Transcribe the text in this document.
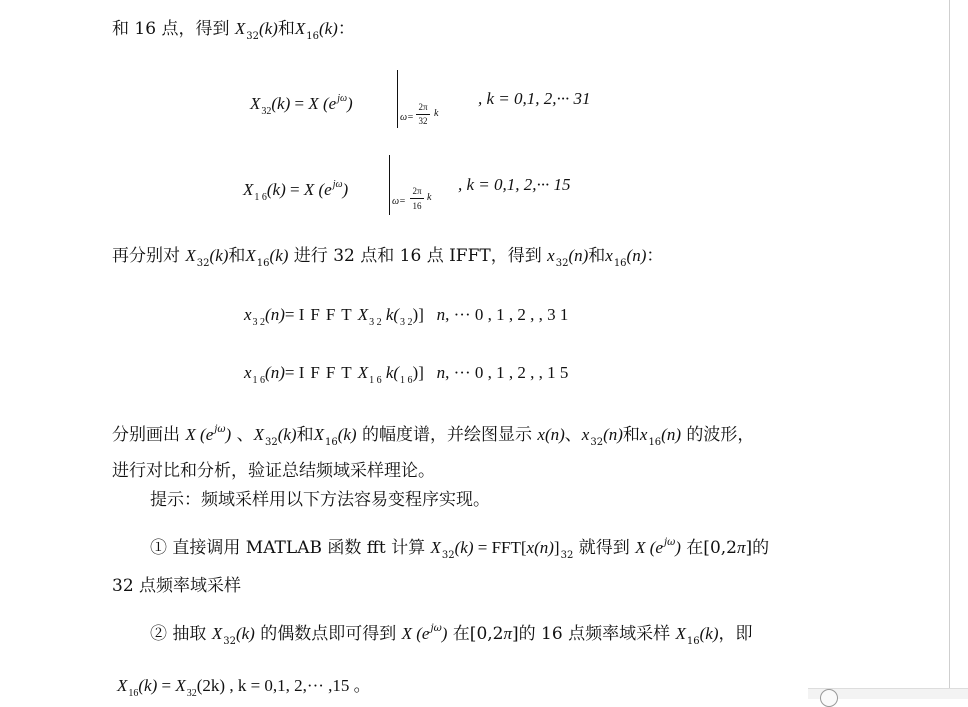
和 16 点，得到 $X_{32}(k)$和$X_{16}(k)$：
$X_{32}(k) = X$ $(e^{j\omega})$
ω=
2π
32
k
, k = 0,1, 2,··· 31
$X_{1 6}(k) = X$ $(e^{j\omega})$
ω=
2π
16
k
, k = 0,1, 2,··· 15
再分别对 $X_{32}(k)$和$X_{16}(k)$ 进行 32 点和 16 点 IFFT，得到 $x_{32}(n)$和$x_{16}(n)$：
$x_{3 2}(n)=$ $IFFTX_{3 2}$ $k(_{3 2})$] n, ··· 0 , 1 , 2 , , 3 1
$x_{1 6}(n)=$ $IFFTX_{1 6}$ $k(_{1 6})$] n, ··· 0 , 1 , 2 , , 1 5
分别画出 X $(e^{j\omega})$ 、$X_{32}(k)$和$X_{16}(k)$ 的幅度谱，并绘图显示 x(n)、$x_{32}(n)$和$x_{16}(n)$ 的波形，
进行对比和分析，验证总结频域采样理论。
提示：频域采样用以下方法容易变程序实现。
① 直接调用 MATLAB 函数 fft 计算 $X_{32}(k) = FFT[x(n)]_{32}$ 就得到 X $(e^{j\omega})$ 在[0,2π]的
32 点频率域采样
② 抽取 $X_{32}(k)$ 的偶数点即可得到 X $(e^{j\omega})$ 在[0,2π]的 16 点频率域采样 $X_{16}(k)$，即
$X_{16}(k) = X_{32}(2k)$ , k = 0,1, 2,··· ,15 。
